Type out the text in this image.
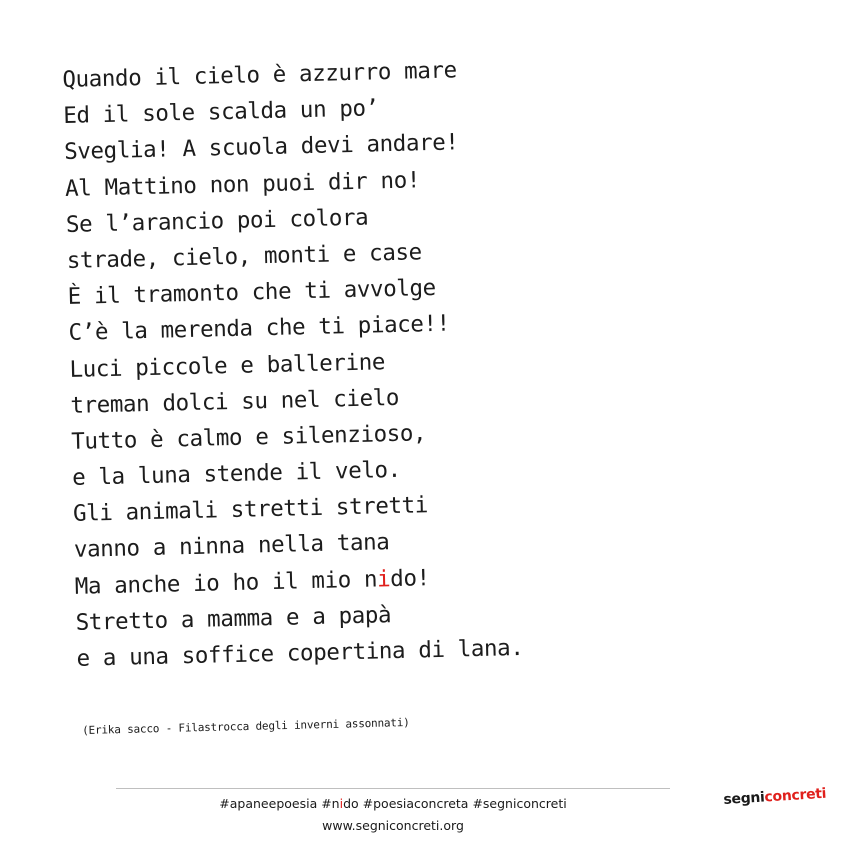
Quando il cielo è azzurro mare
Ed il sole scalda un po’
Sveglia! A scuola devi andare!
Al Mattino non puoi dir no!
Se l’arancio poi colora
strade, cielo, monti e case
È il tramonto che ti avvolge
C’è la merenda che ti piace!!
Luci piccole e ballerine
treman dolci su nel cielo
Tutto è calmo e silenzioso,
e la luna stende il velo.
Gli animali stretti stretti
vanno a ninna nella tana
Ma anche io ho il mio nido!
Stretto a mamma e a papà
e a una soffice copertina di lana.
(Erika sacco - Filastrocca degli inverni assonnati)
#apaneepoesia #nido #poesiaconcreta #segniconcreti
www.segniconcreti.org
segniconcreti
